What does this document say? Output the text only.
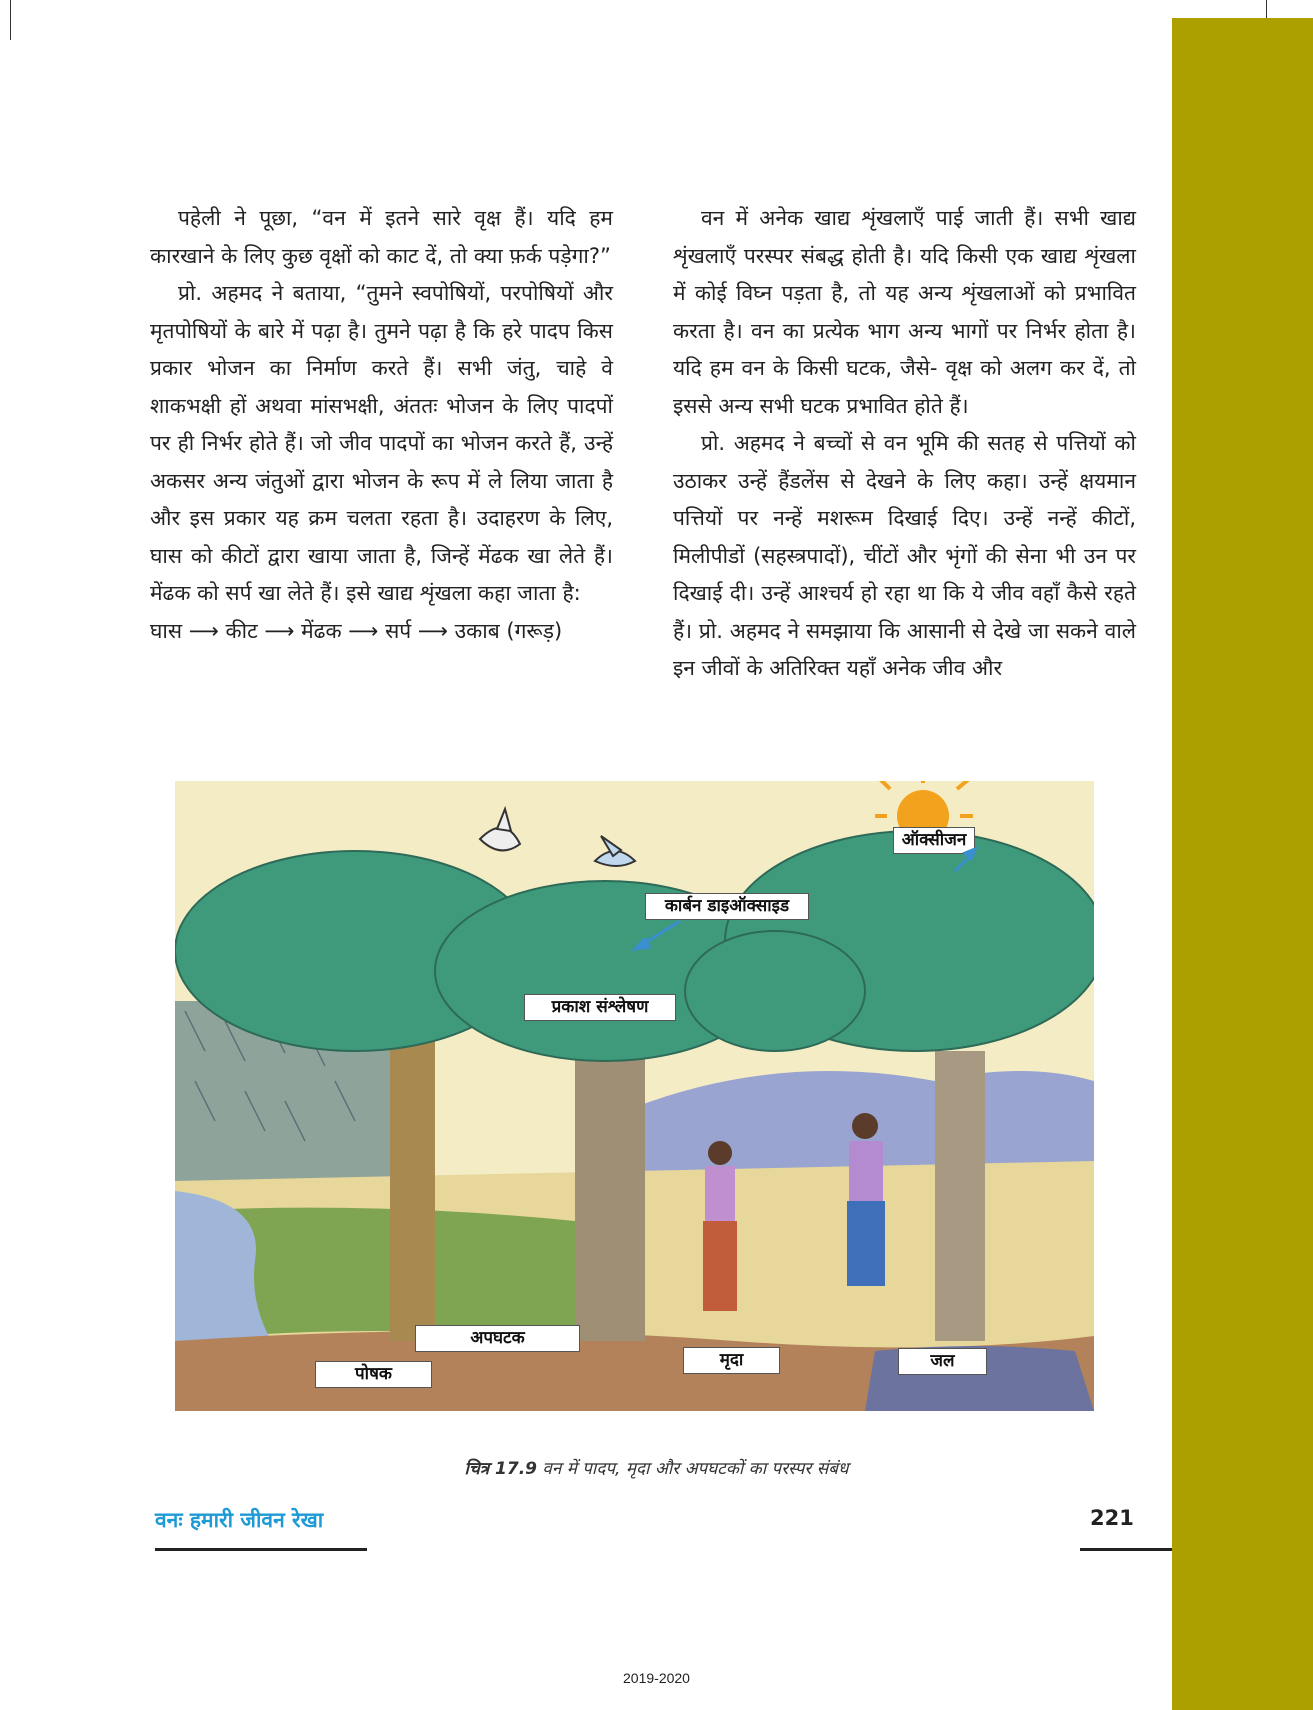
पहेली ने पूछा, “वन में इतने सारे वृक्ष हैं। यदि हम कारखाने के लिए कुछ वृक्षों को काट दें, तो क्या फ़र्क पड़ेगा?”

प्रो. अहमद ने बताया, “तुमने स्वपोषियों, परपोषियों और मृतपोषियों के बारे में पढ़ा है। तुमने पढ़ा है कि हरे पादप किस प्रकार भोजन का निर्माण करते हैं। सभी जंतु, चाहे वे शाकभक्षी हों अथवा मांसभक्षी, अंततः भोजन के लिए पादपों पर ही निर्भर होते हैं। जो जीव पादपों का भोजन करते हैं, उन्हें अकसर अन्य जंतुओं द्वारा भोजन के रूप में ले लिया जाता है और इस प्रकार यह क्रम चलता रहता है। उदाहरण के लिए, घास को कीटों द्वारा खाया जाता है, जिन्हें मेंढक खा लेते हैं। मेंढक को सर्प खा लेते हैं। इसे खाद्य शृंखला कहा जाता है:

घास ⟶ कीट ⟶ मेंढक ⟶ सर्प ⟶ उकाब (गरूड़)

वन में अनेक खाद्य शृंखलाएँ पाई जाती हैं। सभी खाद्य शृंखलाएँ परस्पर संबद्ध होती है। यदि किसी एक खाद्य शृंखला में कोई विघ्न पड़ता है, तो यह अन्य शृंखलाओं को प्रभावित करता है। वन का प्रत्येक भाग अन्य भागों पर निर्भर होता है। यदि हम वन के किसी घटक, जैसे- वृक्ष को अलग कर दें, तो इससे अन्य सभी घटक प्रभावित होते हैं।

प्रो. अहमद ने बच्चों से वन भूमि की सतह से पत्तियों को उठाकर उन्हें हैंडलेंस से देखने के लिए कहा। उन्हें क्षयमान पत्तियों पर नन्हें मशरूम दिखाई दिए। उन्हें नन्हें कीटों, मिलीपीडों (सहस्त्रपादों), चींटों और भृंगों की सेना भी उन पर दिखाई दी। उन्हें आश्चर्य हो रहा था कि ये जीव वहाँ कैसे रहते हैं। प्रो. अहमद ने समझाया कि आसानी से देखे जा सकने वाले इन जीवों के अतिरिक्त यहाँ अनेक जीव और

ऑक्सीजन
कार्बन डाइऑक्साइड
प्रकाश संश्लेषण
अपघटक
पोषक
मृदा	जल
चित्र 17.9 वन में पादप, मृदा और अपघटकों का परस्पर संबंध
वनः हमारी जीवन रेखा	221
2019-2020
